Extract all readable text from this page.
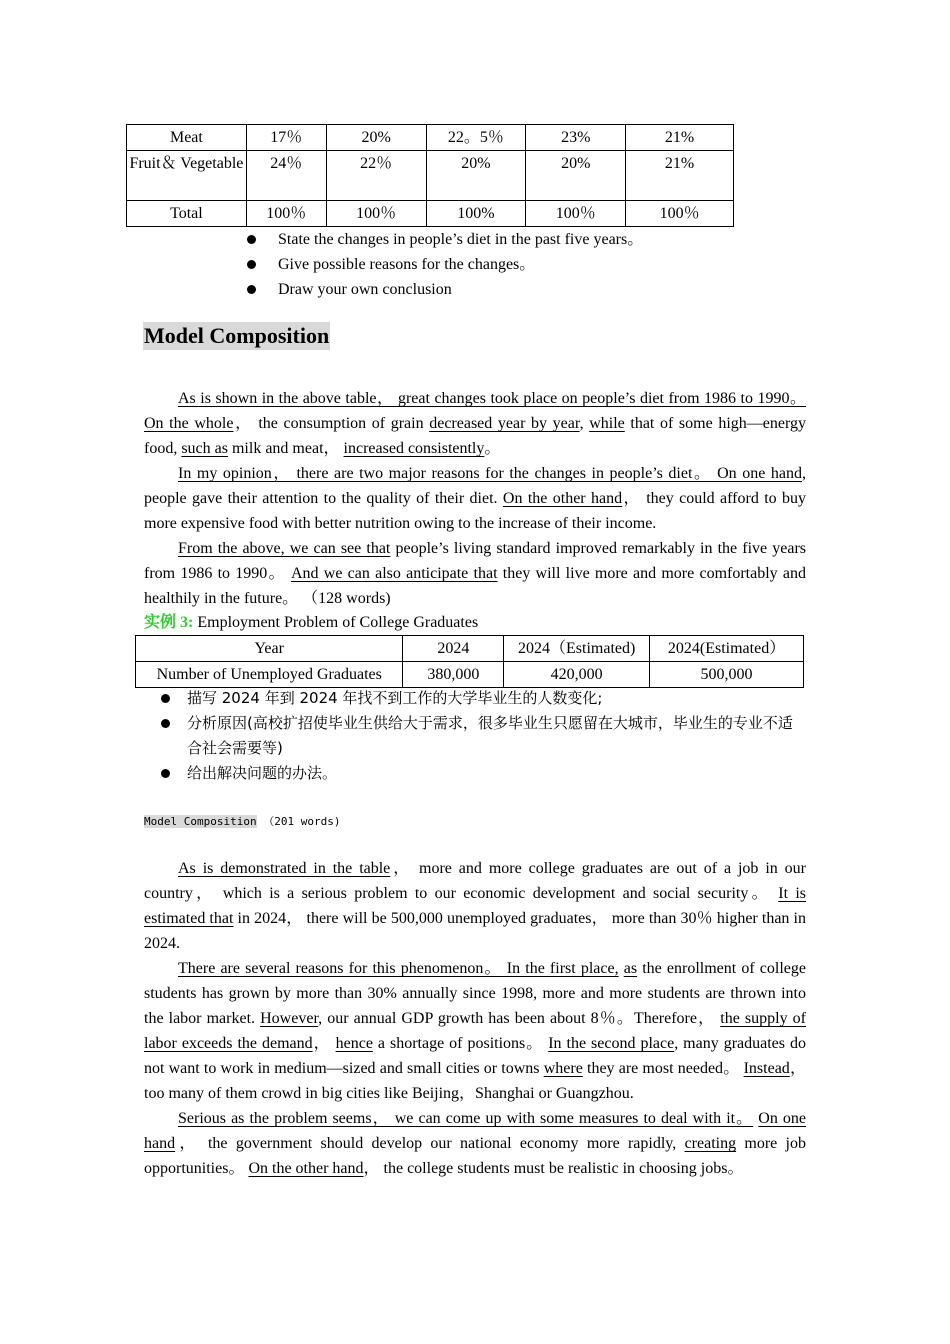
Meat	17％	20%	22。5％	23%	21%
Fruit＆ Vegetable	24％	22％	20%	20%	21%
Total	100％	100％	100%	100％	100％
State the changes in people’s diet in the past five years。
Give possible reasons for the changes。
Draw your own conclusion
Model Composition

As is shown in the above table， great changes took place on people’s diet from 1986 to 1990。 On the whole， the consumption of grain decreased year by year, while that of some high—energy food, such as milk and meat， increased consistently。

In my opinion， there are two major reasons for the changes in people’s diet。 On one hand, people gave their attention to the quality of their diet. On the other hand， they could afford to buy more expensive food with better nutrition owing to the increase of their income.

From the above, we can see that people’s living standard improved remarkably in the five years from 1986 to 1990。 And we can also anticipate that they will live more and more comfortably and healthily in the future。 （128 words)

实例 3: Employment Problem of College Graduates
Year	2024	2024（Estimated)	2024(Estimated）
Number of Unemployed Graduates	380,000	420,000	500,000
描写 2024 年到 2024 年找不到工作的大学毕业生的人数变化;
分析原因(高校扩招使毕业生供给大于需求，很多毕业生只愿留在大城市，毕业生的专业不适合社会需要等)
给出解决问题的办法。
Model Composition （201 words)

As is demonstrated in the table， more and more college graduates are out of a job in our country， which is a serious problem to our economic development and social security。 It is estimated that in 2024， there will be 500,000 unemployed graduates， more than 30％ higher than in 2024.

There are several reasons for this phenomenon。 In the first place, as the enrollment of college students has grown by more than 30% annually since 1998, more and more students are thrown into the labor market. However, our annual GDP growth has been about 8％。Therefore， the supply of labor exceeds the demand， hence a shortage of positions。 In the second place, many graduates do not want to work in medium—sized and small cities or towns where they are most needed。 Instead， too many of them crowd in big cities like Beijing，Shanghai or Guangzhou.

Serious as the problem seems， we can come up with some measures to deal with it。 On one hand， the government should develop our national economy more rapidly, creating more job opportunities。 On the other hand， the college students must be realistic in choosing jobs。
